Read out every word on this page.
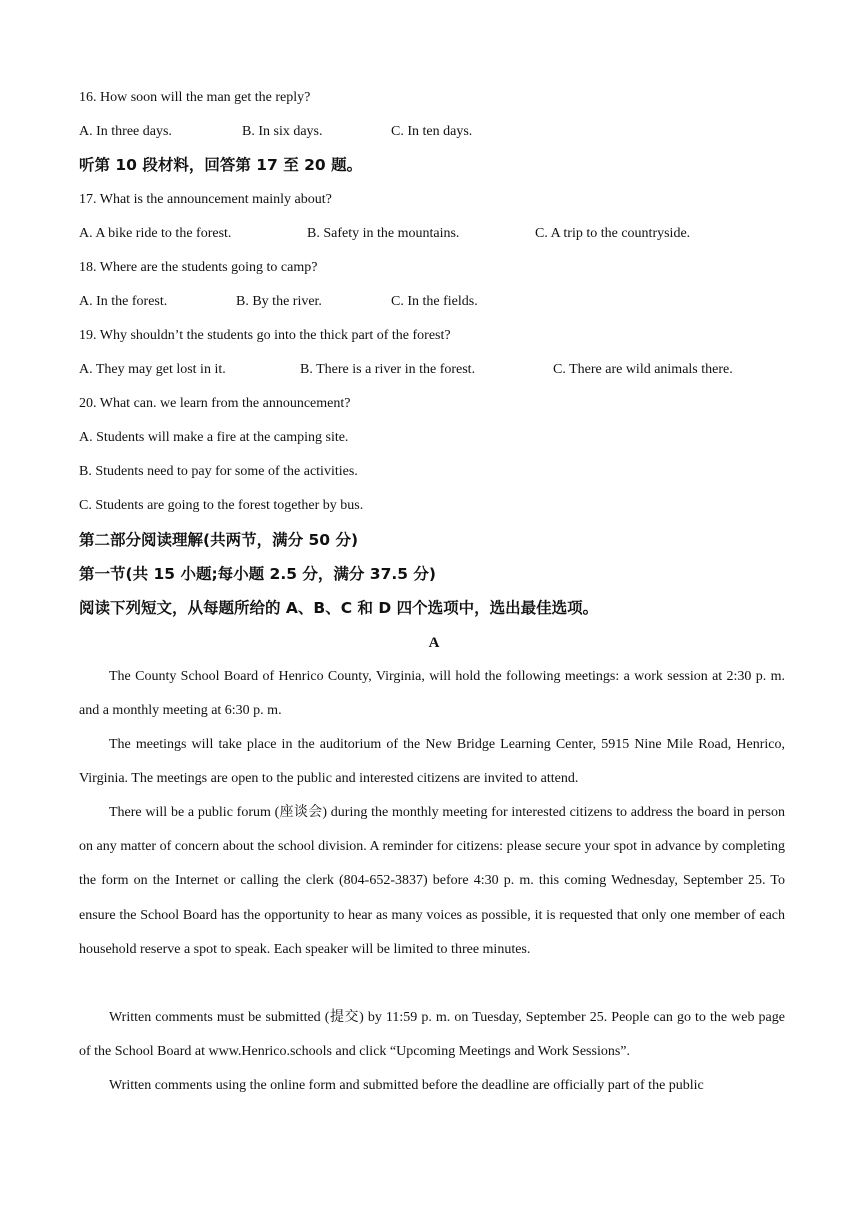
16. How soon will the man get the reply?
A. In three days.	B. In six days.	C. In ten days.
听第 10 段材料，回答第 17 至 20 题。
17. What is the announcement mainly about?
A. A bike ride to the forest.	B. Safety in the mountains.	C. A trip to the countryside.
18. Where are the students going to camp?
A. In the forest.	B. By the river.	C. In the fields.
19. Why shouldn’t the students go into the thick part of the forest?
A. They may get lost in it.	B. There is a river in the forest.	C. There are wild animals there.
20. What can. we learn from the announcement?
A. Students will make a fire at the camping site.
B. Students need to pay for some of the activities.
C. Students are going to the forest together by bus.
第二部分阅读理解(共两节，满分 50 分)
第一节(共 15 小题;每小题 2.5 分，满分 37.5 分)
阅读下列短文，从每题所给的 A、B、C 和 D 四个选项中，选出最佳选项。
A
The County School Board of Henrico County, Virginia, will hold the following meetings: a work session at 2:30 p. m. and a monthly meeting at 6:30 p. m.
The meetings will take place in the auditorium of the New Bridge Learning Center, 5915 Nine Mile Road, Henrico, Virginia. The meetings are open to the public and interested citizens are invited to attend.
There will be a public forum (座谈会) during the monthly meeting for interested citizens to address the board in person on any matter of concern about the school division. A reminder for citizens: please secure your spot in advance by completing the form on the Internet or calling the clerk (804-652-3837) before 4:30 p. m. this coming Wednesday, September 25. To ensure the School Board has the opportunity to hear as many voices as possible, it is requested that only one member of each household reserve a spot to speak. Each speaker will be limited to three minutes.
Written comments must be submitted (提交) by 11:59 p. m. on Tuesday, September 25. People can go to the web page of the School Board at www.Henrico.schools and click “Upcoming Meetings and Work Sessions”.
Written comments using the online form and submitted before the deadline are officially part of the public
